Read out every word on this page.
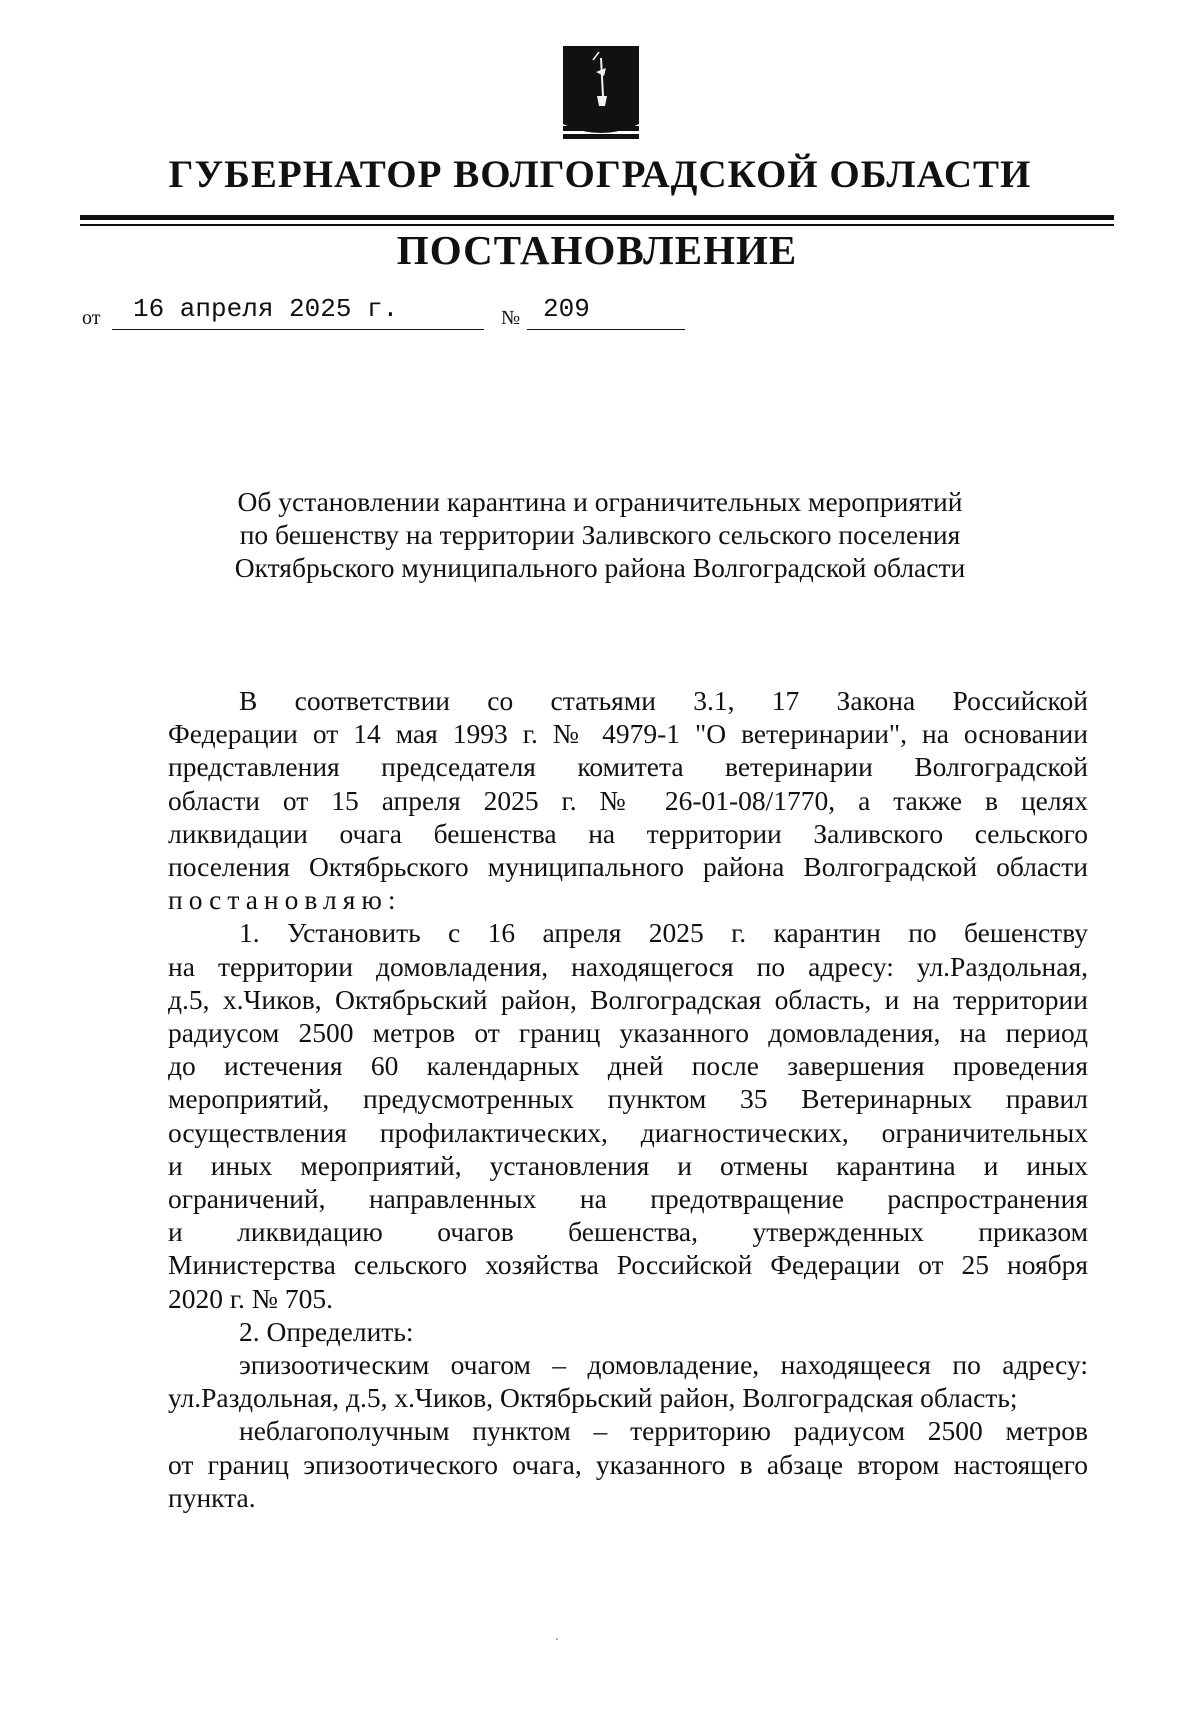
ГУБЕРНАТОР ВОЛГОГРАДСКОЙ ОБЛАСТИ
ПОСТАНОВЛЕНИЕ
от 16 апреля 2025 г.	№ 209
Об установлении карантина и ограничительных мероприятий
по бешенству на территории Заливского сельского поселения
Октябрьского муниципального района Волгоградской области
В соответствии со статьями 3.1, 17 Закона Российской
Федерации от 14 мая 1993 г. № 4979-1 "О ветеринарии", на основании
представления председателя комитета ветеринарии Волгоградской
области от 15 апреля 2025 г. № 26-01-08/1770, а также в целях
ликвидации очага бешенства на территории Заливского сельского
поселения Октябрьского муниципального района Волгоградской области
постановляю:
1. Установить с 16 апреля 2025 г. карантин по бешенству
на территории домовладения, находящегося по адресу: ул.Раздольная,
д.5, х.Чиков, Октябрьский район, Волгоградская область, и на территории
радиусом 2500 метров от границ указанного домовладения, на период
до истечения 60 календарных дней после завершения проведения
мероприятий, предусмотренных пунктом 35 Ветеринарных правил
осуществления профилактических, диагностических, ограничительных
и иных мероприятий, установления и отмены карантина и иных
ограничений, направленных на предотвращение распространения
и ликвидацию очагов бешенства, утвержденных приказом
Министерства сельского хозяйства Российской Федерации от 25 ноября
2020 г. № 705.
2. Определить:
эпизоотическим очагом – домовладение, находящееся по адресу:
ул.Раздольная, д.5, х.Чиков, Октябрьский район, Волгоградская область;
неблагополучным пунктом – территорию радиусом 2500 метров
от границ эпизоотического очага, указанного в абзаце втором настоящего
пункта.
